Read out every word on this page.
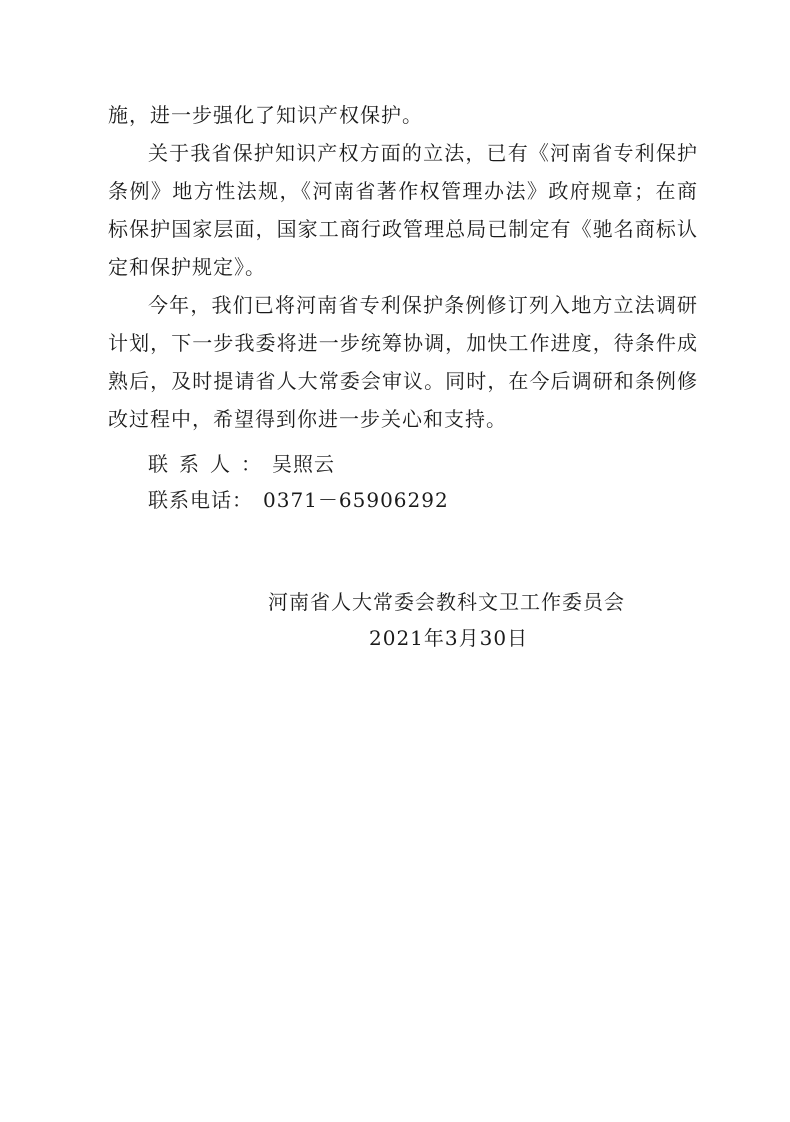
施，进一步强化了知识产权保护。

关于我省保护知识产权方面的立法，已有《河南省专利保护条例》地方性法规，《河南省著作权管理办法》政府规章；在商标保护国家层面，国家工商行政管理总局已制定有《驰名商标认定和保护规定》。

今年，我们已将河南省专利保护条例修订列入地方立法调研计划，下一步我委将进一步统筹协调，加快工作进度，待条件成熟后，及时提请省人大常委会审议。同时，在今后调研和条例修改过程中，希望得到你进一步关心和支持。

联系人：吴照云
联系电话： 0371－65906292
河南省人大常委会教科文卫工作委员会
2021年3月30日
